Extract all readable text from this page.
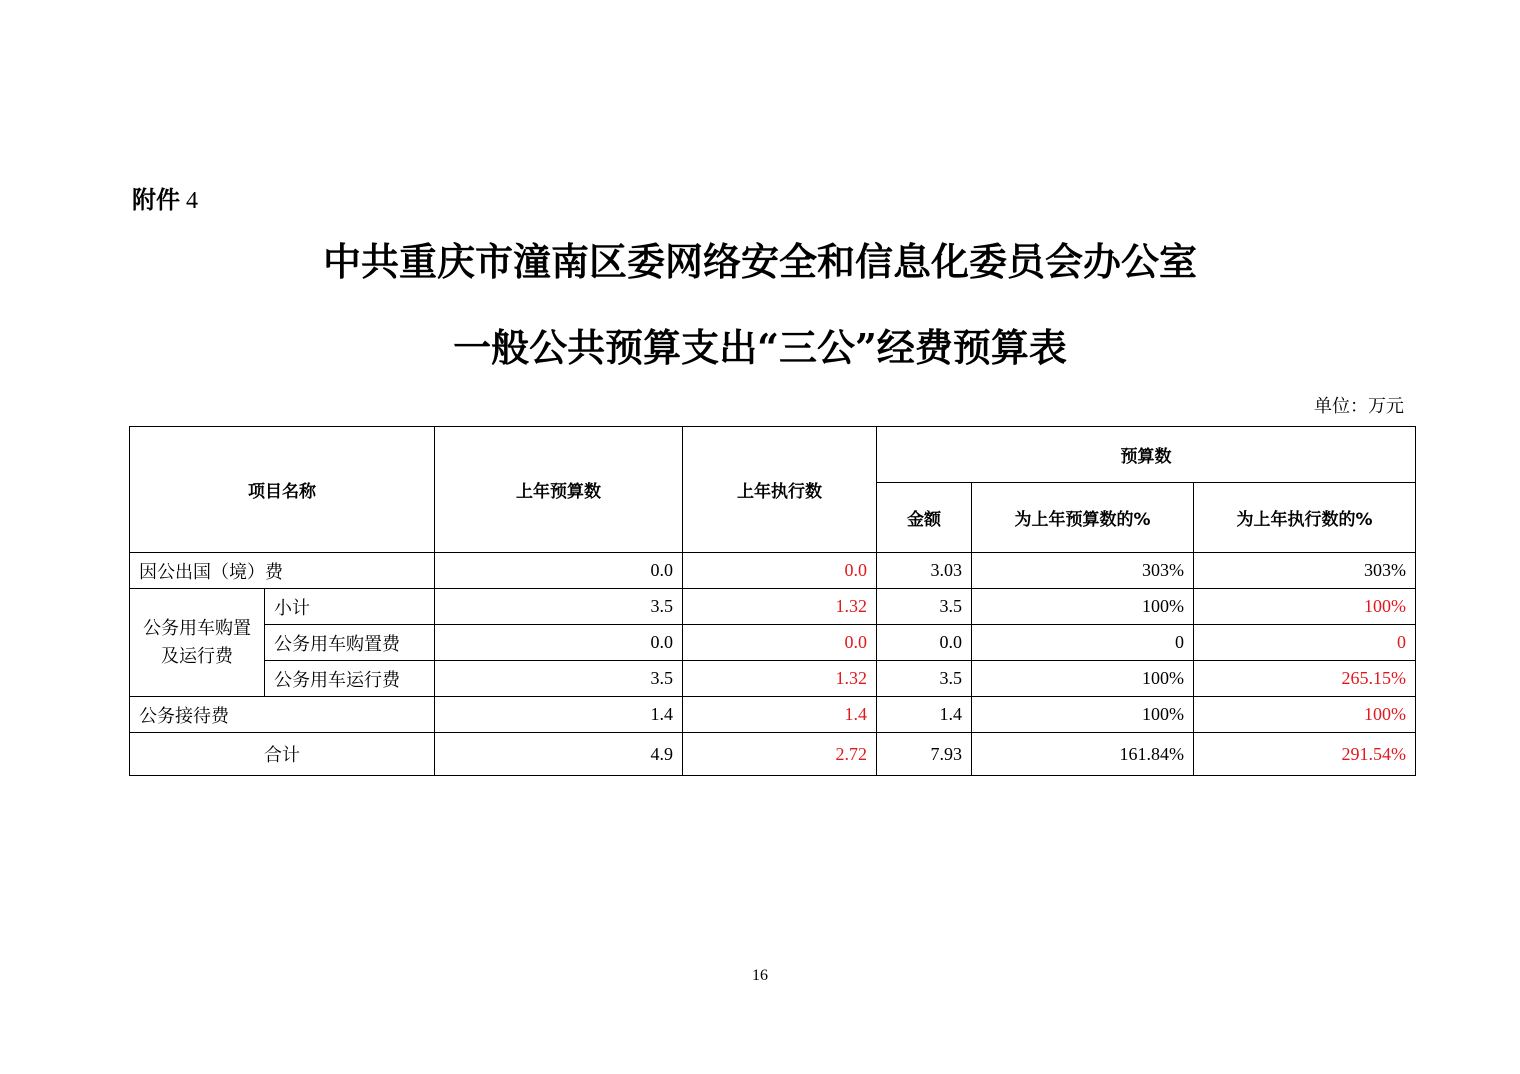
附件 4
中共重庆市潼南区委网络安全和信息化委员会办公室
一般公共预算支出“三公”经费预算表
单位：万元
项目名称		上年预算数	上年执行数	预算数		
				金额	为上年预算数的%	为上年执行数的%
因公出国（境）费		0.0	0.0	3.03	303%	303%
公务用车购置及运行费	小计	3.5	1.32	3.5	100%	100%
	公务用车购置费	0.0	0.0	0.0	0	0
	公务用车运行费	3.5	1.32	3.5	100%	265.15%
公务接待费		1.4	1.4	1.4	100%	100%
合计		4.9	2.72	7.93	161.84%	291.54%
16
